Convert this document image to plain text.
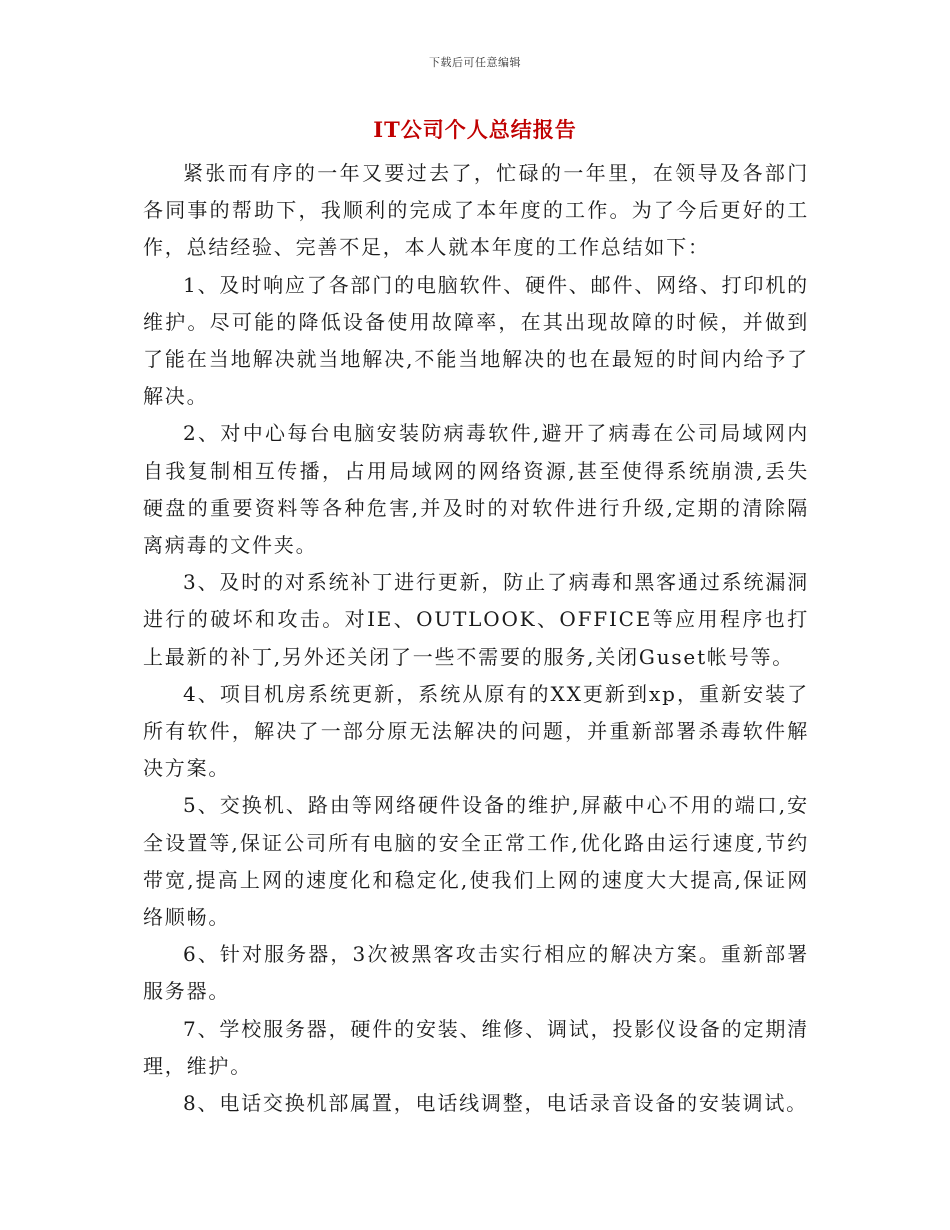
下载后可任意编辑
IT公司个人总结报告

紧张而有序的一年又要过去了，忙碌的一年里，在领导及各部门各同事的帮助下，我顺利的完成了本年度的工作。为了今后更好的工作，总结经验、完善不足，本人就本年度的工作总结如下：

1、及时响应了各部门的电脑软件、硬件、邮件、网络、打印机的维护。尽可能的降低设备使用故障率，在其出现故障的时候，并做到了能在当地解决就当地解决,不能当地解决的也在最短的时间内给予了解决。

2、对中心每台电脑安装防病毒软件,避开了病毒在公司局域网内自我复制相互传播，占用局域网的网络资源,甚至使得系统崩溃,丢失硬盘的重要资料等各种危害,并及时的对软件进行升级,定期的清除隔离病毒的文件夹。

3、及时的对系统补丁进行更新，防止了病毒和黑客通过系统漏洞进行的破坏和攻击。对IE、OUTLOOK、OFFICE等应用程序也打上最新的补丁,另外还关闭了一些不需要的服务,关闭Guset帐号等。

4、项目机房系统更新，系统从原有的XX更新到xp，重新安装了所有软件，解决了一部分原无法解决的问题，并重新部署杀毒软件解决方案。

5、交换机、路由等网络硬件设备的维护,屏蔽中心不用的端口,安全设置等,保证公司所有电脑的安全正常工作,优化路由运行速度,节约带宽,提高上网的速度化和稳定化,使我们上网的速度大大提高,保证网络顺畅。

6、针对服务器，3次被黑客攻击实行相应的解决方案。重新部署服务器。

7、学校服务器，硬件的安装、维修、调试，投影仪设备的定期清理，维护。

8、电话交换机部属置，电话线调整，电话录音设备的安装调试。
